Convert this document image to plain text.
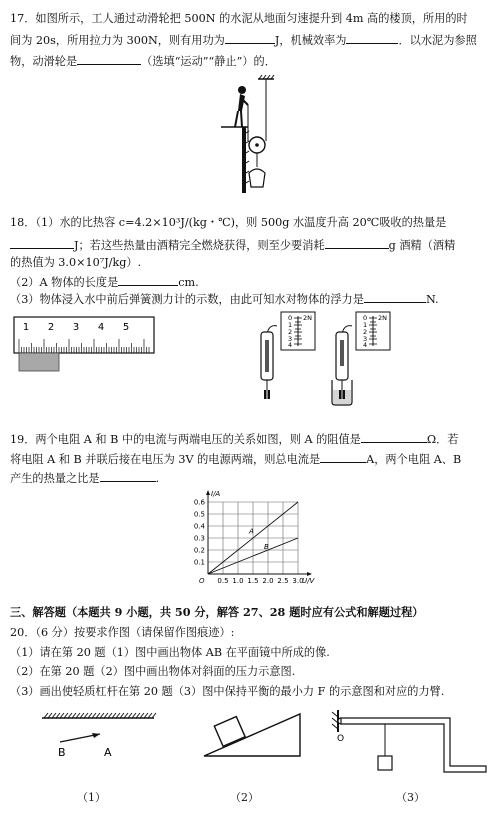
17．如图所示，工人通过动滑轮把 500N 的水泥从地面匀速提升到 4m 高的楼顶，所用的时
间为 20s，所用拉力为 300N，则有用功为	J，机械效率为	．以水泥为参照
物，动滑轮是	（选填“运动”“静止”）的．
18．（1）水的比热容 c=4.2×10³J/(kg・℃)，则 500g 水温度升高 20℃吸收的热量是
J；若这些热量由酒精完全燃烧获得，则至少要消耗	g 酒精（酒精
的热值为 3.0×10⁷J/kg）.
（2）A 物体的长度是	cm.
（3）物体浸入水中前后弹簧测力计的示数，由此可知水对物体的浮力是	N.
1 2 3 4 5
0
1
2
3
4
2N	0
1
2
3
4
2N
19．两个电阻 A 和 B 中的电流与两端电压的关系如图，则 A 的阻值是	Ω．若
将电阻 A 和 B 并联后接在电压为 3V 的电源两端，则总电流是	A，两个电阻 A、B
产生的热量之比是	.
A
B
0.1
0.2
0.3
0.4
0.5
0.6
0.5 1.0 1.5 2.0 2.5 3.0
O	U/V
I/A
三、解答题（本题共 9 小题，共 50 分，解答 27、28 题时应有公式和解题过程）
20．（6 分）按要求作图（请保留作图痕迹）:
（1）请在第 20 题（1）图中画出物体 AB 在平面镜中所成的像.
（2）在第 20 题（2）图中画出物体对斜面的压力示意图.
（3）画出使轻质杠杆在第 20 题（3）图中保持平衡的最小力 F 的示意图和对应的力臂.
B	A
O
（1）	（2）	（3）
